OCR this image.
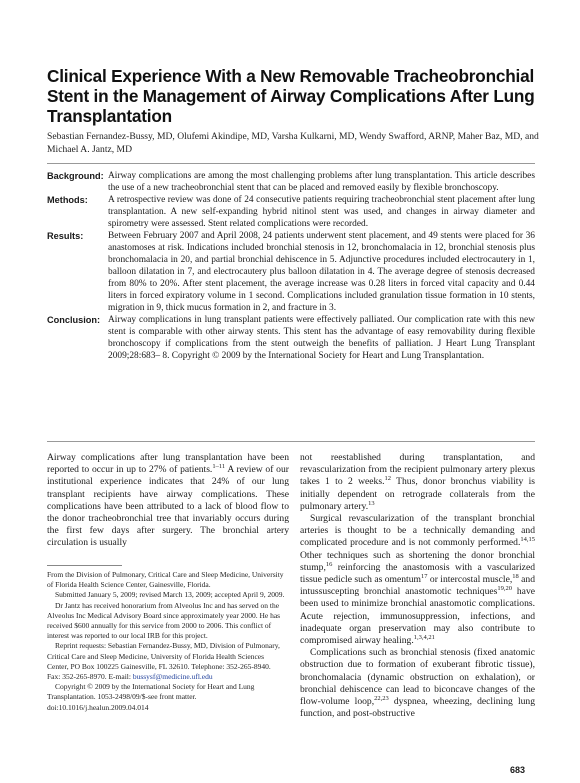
Clinical Experience With a New Removable Tracheobronchial Stent in the Management of Airway Complications After Lung Transplantation
Sebastian Fernandez-Bussy, MD, Olufemi Akindipe, MD, Varsha Kulkarni, MD, Wendy Swafford, ARNP, Maher Baz, MD, and Michael A. Jantz, MD
Background: Airway complications are among the most challenging problems after lung transplantation. This article describes the use of a new tracheobronchial stent that can be placed and removed easily by flexible bronchoscopy.
Methods:	A retrospective review was done of 24 consecutive patients requiring tracheobronchial stent placement after lung transplantation. A new self-expanding hybrid nitinol stent was used, and changes in airway diameter and spirometry were assessed. Stent related complications were recorded.
Results:	Between February 2007 and April 2008, 24 patients underwent stent placement, and 49 stents were placed for 36 anastomoses at risk. Indications included bronchial stenosis in 12, bronchomalacia in 12, bronchial stenosis plus bronchomalacia in 20, and partial bronchial dehiscence in 5. Adjunctive procedures included electrocautery in 1, balloon dilatation in 7, and electrocautery plus balloon dilatation in 4. The average degree of stenosis decreased from 80% to 20%. After stent placement, the average increase was 0.28 liters in forced vital capacity and 0.44 liters in forced expiratory volume in 1 second. Complications included granulation tissue formation in 10 stents, migration in 9, thick mucus formation in 2, and fracture in 3.
Conclusion: Airway complications in lung transplant patients were effectively palliated. Our complication rate with this new stent is comparable with other airway stents. This stent has the advantage of easy removability during flexible bronchoscopy if complications from the stent outweigh the benefits of palliation. J Heart Lung Transplant 2009;28:683– 8. Copyright © 2009 by the International Society for Heart and Lung Transplantation.

Airway complications after lung transplantation have been reported to occur in up to 27% of patients.$^{1-11}$ A review of our institutional experience indicates that 24% of our lung transplant recipients have airway complications. These complications have been attributed to a lack of blood flow to the donor tracheobronchial tree that invariably occurs during the first few days after surgery. The bronchial artery circulation is usually

not reestablished during transplantation, and revascularization from the recipient pulmonary artery plexus takes 1 to 2 weeks.$^{12}$ Thus, donor bronchus viability is initially dependent on retrograde collaterals from the pulmonary artery.$^{13}$

Surgical revascularization of the transplant bronchial arteries is thought to be a technically demanding and complicated procedure and is not commonly performed.$^{14,15}$ Other techniques such as shortening the donor bronchial stump,$^{16}$ reinforcing the anastomosis with a vascularized tissue pedicle such as omentum$^{17}$ or intercostal muscle,$^{18}$ and intussuscepting bronchial anastomotic techniques$^{19,20}$ have been used to minimize bronchial anastomotic complications. Acute rejection, immunosuppression, infections, and inadequate organ preservation may also contribute to compromised airway healing.$^{1,3,4,21}$

Complications such as bronchial stenosis (fixed anatomic obstruction due to formation of exuberant fibrotic tissue), bronchomalacia (dynamic obstruction on exhalation), or bronchial dehiscence can lead to biconcave changes of the flow-volume loop,$^{22,23}$ dyspnea, wheezing, declining lung function, and post-obstructive

From the Division of Pulmonary, Critical Care and Sleep Medicine, University of Florida Health Science Center, Gainesville, Florida.

Submitted January 5, 2009; revised March 13, 2009; accepted April 9, 2009.

Dr Jantz has received honorarium from Alveolus Inc and has served on the Alveolus Inc Medical Advisory Board since approximately year 2000. He has received $600 annually for this service from 2000 to 2006. This conflict of interest was reported to our local IRB for this project.

Reprint requests: Sebastian Fernandez-Bussy, MD, Division of Pulmonary, Critical Care and Sleep Medicine, University of Florida Health Sciences Center, PO Box 100225 Gainesville, FL 32610. Telephone: 352-265-8940. Fax: 352-265-8970. E-mail: bussysf@medicine.ufl.edu

Copyright © 2009 by the International Society for Heart and Lung Transplantation. 1053-2498/09/$-see front matter. doi:10.1016/j.healun.2009.04.014

683
